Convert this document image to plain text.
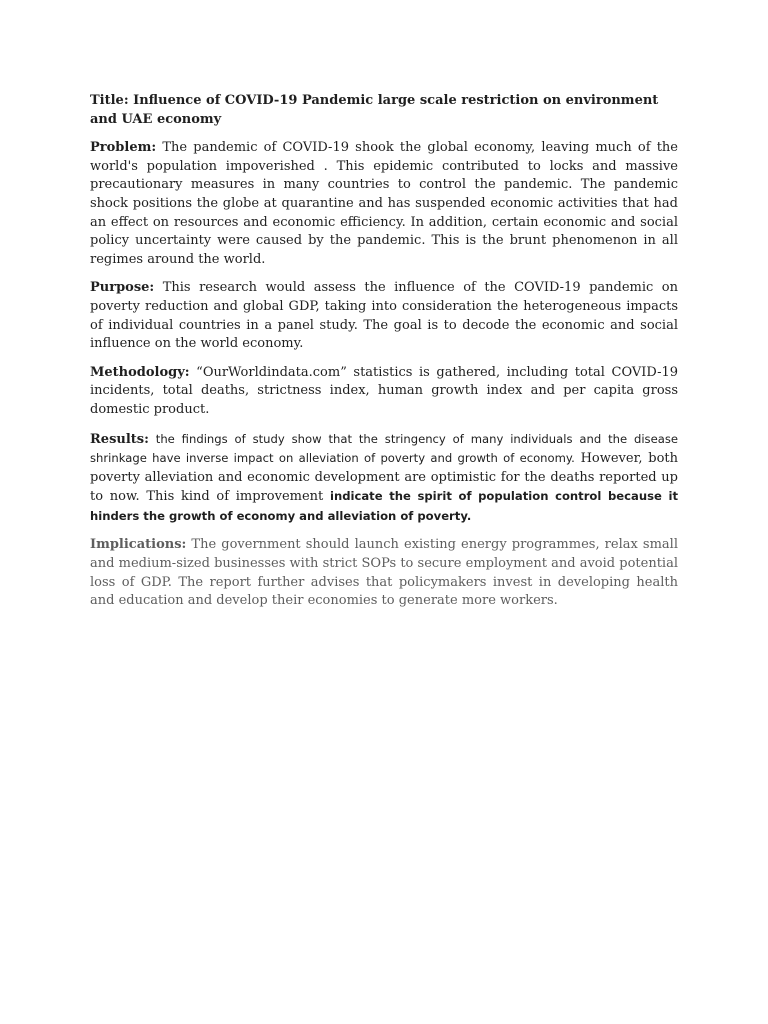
Title: Influence of COVID-19 Pandemic large scale restriction on environment and UAE economy

Problem: The pandemic of COVID-19 shook the global economy, leaving much of the world's population impoverished . This epidemic contributed to locks and massive precautionary measures in many countries to control the pandemic. The pandemic shock positions the globe at quarantine and has suspended economic activities that had an effect on resources and economic efficiency. In addition, certain economic and social policy uncertainty were caused by the pandemic. This is the brunt phenomenon in all regimes around the world.

Purpose: This research would assess the influence of the COVID-19 pandemic on poverty reduction and global GDP, taking into consideration the heterogeneous impacts of individual countries in a panel study. The goal is to decode the economic and social influence on the world economy.

Methodology: “OurWorldindata.com” statistics is gathered, including total COVID-19 incidents, total deaths, strictness index, human growth index and per capita gross domestic product.

Results: the findings of study show that the stringency of many individuals and the disease shrinkage have inverse impact on alleviation of poverty and growth of economy. However, both poverty alleviation and economic development are optimistic for the deaths reported up to now. This kind of improvement indicate the spirit of population control because it hinders the growth of economy and alleviation of poverty.

Implications: The government should launch existing energy programmes, relax small and medium-sized businesses with strict SOPs to secure employment and avoid potential loss of GDP. The report further advises that policymakers invest in developing health and education and develop their economies to generate more workers.
